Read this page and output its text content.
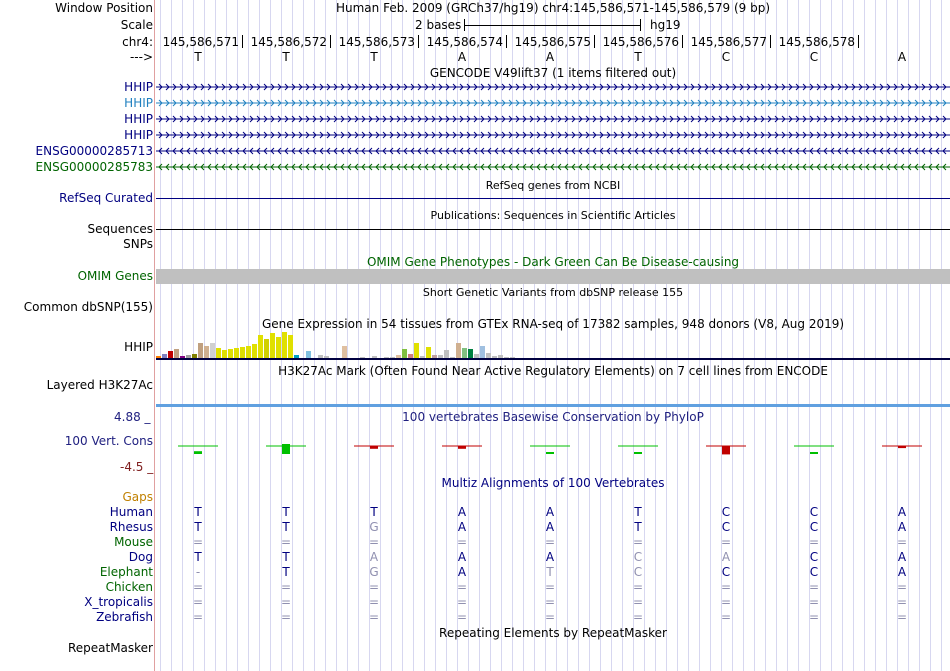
Window Position	Human Feb. 2009 (GRCh37/hg19) chr4:145,586,571-145,586,579 (9 bp)
Scale	2 bases	hg19
chr4: 145,586,571 145,586,572 145,586,573 145,586,574 145,586,575 145,586,576 145,586,577 145,586,578
--->	T	T	T	A	A	T	C	C	A
GENCODE V49lift37 (1 items filtered out)
HHIP
HHIP
HHIP
HHIP
ENSG00000285713
ENSG00000285783
RefSeq genes from NCBI
RefSeq Curated
Publications: Sequences in Scientific Articles
Sequences
SNPs
OMIM Gene Phenotypes - Dark Green Can Be Disease-causing
OMIM Genes
Short Genetic Variants from dbSNP release 155
Common dbSNP(155)
Gene Expression in 54 tissues from GTEx RNA-seq of 17382 samples, 948 donors (V8, Aug 2019)
HHIP
H3K27Ac Mark (Often Found Near Active Regulatory Elements) on 7 cell lines from ENCODE
Layered H3K27Ac
100 vertebrates Basewise Conservation by PhyloP
4.88 _
100 Vert. Cons
-4.5 _
Multiz Alignments of 100 Vertebrates
Gaps
Human	T	T	T	A	A	T	C	C	A
Rhesus	T	T	G	A	A	T	C	C	A
Mouse	=	=	=	=	=	=	=	=	=
Dog	T	T	A	A	A	C	A	C	A
Elephant	-	T	G	A	T	C	C	C	A
Chicken	=	=	=	=	=	=	=	=	=
X_tropicalis	=	=	=	=	=	=	=	=	=
Zebrafish	=	=	=	=	=	=	=	=	=
Repeating Elements by RepeatMasker
RepeatMasker
